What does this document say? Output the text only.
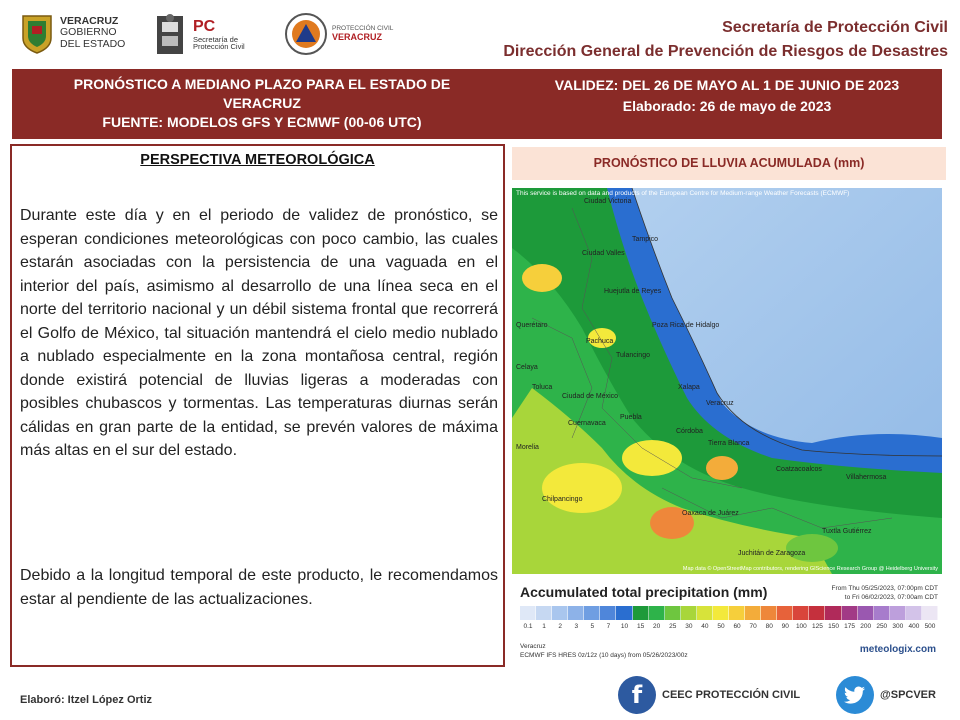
VERACRUZ
GOBIERNO
DEL ESTADO
PC
Secretaría de
Protección Civil
PROTECCIÓN CIVIL
VERACRUZ
Secretaría de Protección Civil
Dirección General de Prevención de Riesgos de Desastres
PRONÓSTICO A MEDIANO PLAZO PARA EL ESTADO DE
VERACRUZ
FUENTE: MODELOS GFS Y ECMWF (00-06 UTC)
VALIDEZ: DEL 26 DE MAYO AL 1 DE JUNIO DE 2023
Elaborado: 26 de mayo de 2023
PERSPECTIVA METEOROLÓGICA

Durante este día y en el periodo de validez de pronóstico, se esperan condiciones meteorológicas con poco cambio, las cuales estarán asociadas con la persistencia de una vaguada en el interior del país, asimismo al desarrollo de una línea seca en el norte del territorio nacional y un débil sistema frontal que recorrerá el Golfo de México, tal situación mantendrá el cielo medio nublado a nublado especialmente en la zona montañosa central, región donde existirá potencial de lluvias ligeras a moderadas con posibles chubascos y tormentas. Las temperaturas diurnas serán cálidas en gran parte de la entidad, se prevén valores de máxima más altas en el sur del estado.

Debido a la longitud temporal de este producto, le recomendamos estar al pendiente de las actualizaciones.

PRONÓSTICO DE LLUVIA ACUMULADA (mm)
This service is based on data and products of the European Centre for Medium-range Weather Forecasts (ECMWF)
Map data © OpenStreetMap contributors, rendering GIScience Research Group @ Heidelberg University
Ciudad Victoria
Tampico
Ciudad Valles
Huejutla de Reyes
Poza Rica de Hidalgo
Pachuca
Tulancingo
Xalapa
Veracruz
Ciudad de México
Puebla
Córdoba
Tierra Blanca
Coatzacoalcos
Villahermosa
Oaxaca de Juárez
Tuxtla Gutiérrez
Chilpancingo
Cuernavaca
Toluca
Querétaro
Morelia
Celaya
Juchitán de Zaragoza
Accumulated total precipitation (mm)	From Thu 05/25/2023, 07:00pm CDT
to Fri 06/02/2023, 07:00am CDT
0.1	1	2	3	5	7	10	15	20	25	30	40	50	60	70	80	90	100 125 150 175 200 250 300 400 500
Veracruz
ECMWF IFS HRES 0z/12z (10 days) from 05/26/2023/00z
meteologix.com
Elaboró: Itzel López Ortiz	f	CEEC PROTECCIÓN CIVIL	@SPCVER
